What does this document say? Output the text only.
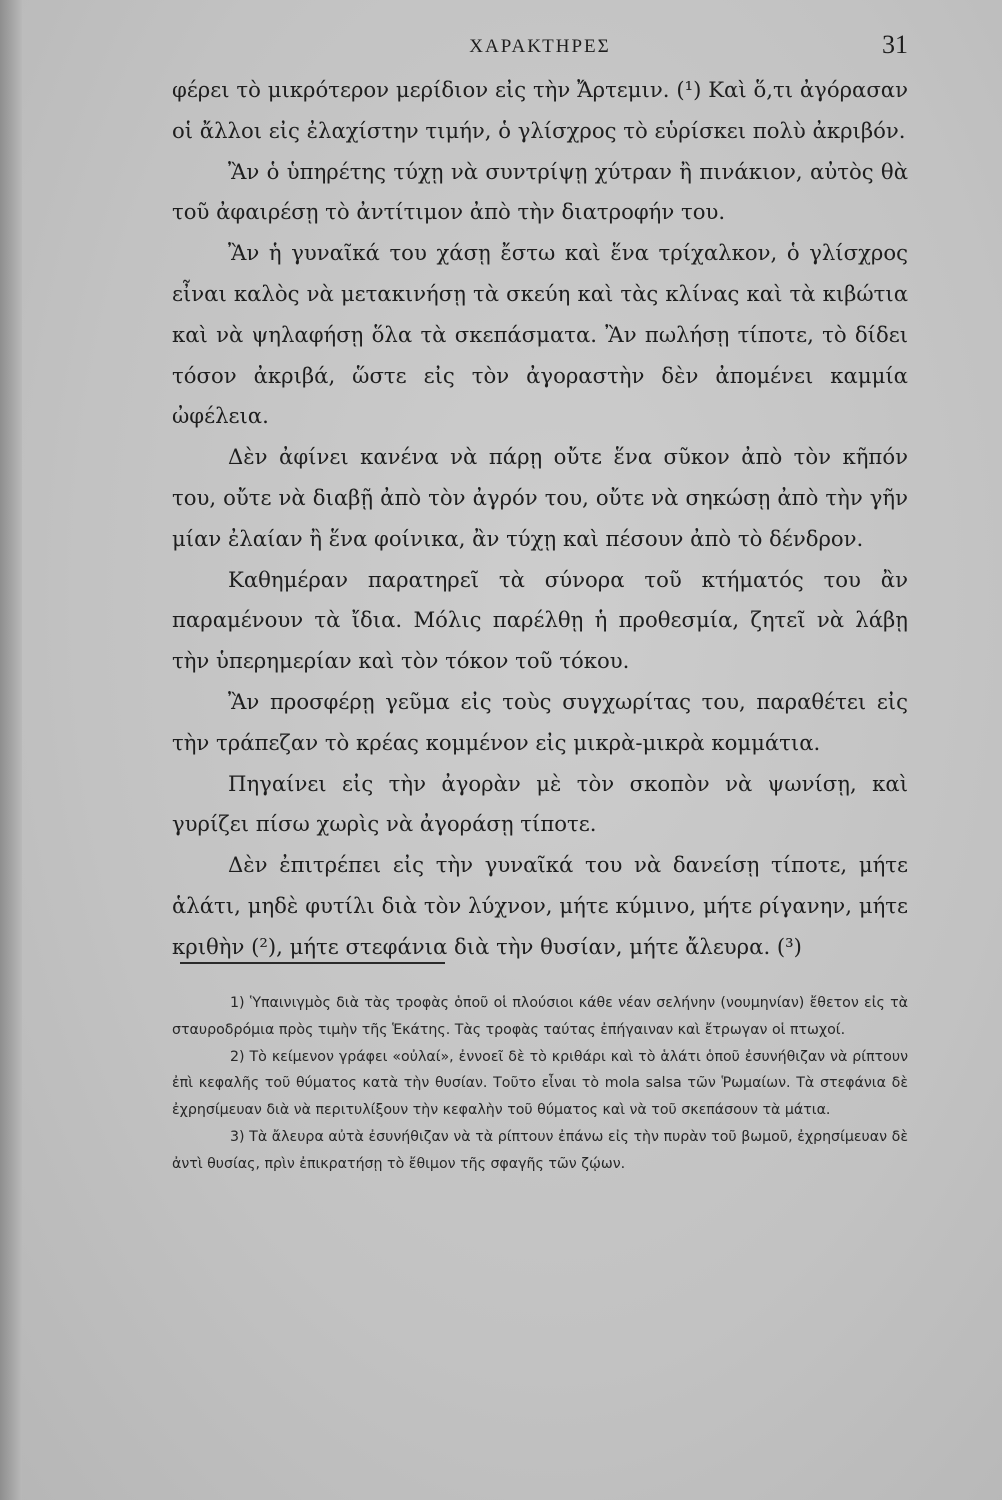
ΧΑΡΑΚΤΗΡΕΣ	31

φέρει τὸ μικρότερον μερίδιον εἰς τὴν Ἄρτεμιν. (¹) Καὶ ὅ,τι ἀγόρασαν οἱ ἄλλοι εἰς ἐλαχίστην τιμήν, ὁ γλίσχρος τὸ εὑρίσκει πολὺ ἀκριβόν.

Ἂν ὁ ὑπηρέτης τύχῃ νὰ συντρίψῃ χύτραν ἢ πινάκιον, αὐτὸς θὰ τοῦ ἀφαιρέσῃ τὸ ἀντίτιμον ἀπὸ τὴν διατροφήν του.

Ἂν ἡ γυναῖκά του χάσῃ ἔστω καὶ ἕνα τρίχαλκον, ὁ γλίσχρος εἶναι καλὸς νὰ μετακινήσῃ τὰ σκεύη καὶ τὰς κλίνας καὶ τὰ κιβώτια καὶ νὰ ψηλαφήσῃ ὅλα τὰ σκεπάσματα. Ἂν πωλήσῃ τίποτε, τὸ δίδει τόσον ἀκριβά, ὥστε εἰς τὸν ἀγοραστὴν δὲν ἀπομένει καμμία ὠφέλεια.

Δὲν ἀφίνει κανένα νὰ πάρῃ οὔτε ἕνα σῦκον ἀπὸ τὸν κῆπόν του, οὔτε νὰ διαβῇ ἀπὸ τὸν ἀγρόν του, οὔτε νὰ σηκώσῃ ἀπὸ τὴν γῆν μίαν ἐλαίαν ἢ ἕνα φοίνικα, ἂν τύχῃ καὶ πέσουν ἀπὸ τὸ δένδρον.

Καθημέραν παρατηρεῖ τὰ σύνορα τοῦ κτήματός του ἂν παραμένουν τὰ ἴδια. Μόλις παρέλθῃ ἡ προθεσμία, ζητεῖ νὰ λάβῃ τὴν ὑπερημερίαν καὶ τὸν τόκον τοῦ τόκου.

Ἂν προσφέρῃ γεῦμα εἰς τοὺς συγχωρίτας του, παραθέτει εἰς τὴν τράπεζαν τὸ κρέας κομμένον εἰς μικρὰ-μικρὰ κομμάτια.

Πηγαίνει εἰς τὴν ἀγορὰν μὲ τὸν σκοπὸν νὰ ψωνίσῃ, καὶ γυρίζει πίσω χωρὶς νὰ ἀγοράσῃ τίποτε.

Δὲν ἐπιτρέπει εἰς τὴν γυναῖκά του νὰ δανείσῃ τίποτε, μήτε ἁλάτι, μηδὲ φυτίλι διὰ τὸν λύχνον, μήτε κύμινο, μήτε ρίγανην, μήτε κριθὴν (²), μήτε στεφάνια διὰ τὴν θυσίαν, μήτε ἄλευρα. (³)

1) Ὑπαινιγμὸς διὰ τὰς τροφὰς ὁποῦ οἱ πλούσιοι κάθε νέαν σελήνην (νουμηνίαν) ἔθετον εἰς τὰ σταυροδρόμια πρὸς τιμὴν τῆς Ἑκάτης. Τὰς τροφὰς ταύτας ἐπήγαιναν καὶ ἔτρωγαν οἱ πτωχοί.

2) Τὸ κείμενον γράφει «οὐλαί», ἐννοεῖ δὲ τὸ κριθάρι καὶ τὸ ἁλάτι ὁποῦ ἐσυνήθιζαν νὰ ρίπτουν ἐπὶ κεφαλῆς τοῦ θύματος κατὰ τὴν θυσίαν. Τοῦτο εἶναι τὸ mola salsa τῶν Ῥωμαίων. Τὰ στεφάνια δὲ ἐχρησίμευαν διὰ νὰ περιτυλίξουν τὴν κεφαλὴν τοῦ θύματος καὶ νὰ τοῦ σκεπάσουν τὰ μάτια.

3) Τὰ ἄλευρα αὐτὰ ἐσυνήθιζαν νὰ τὰ ρίπτουν ἐπάνω εἰς τὴν πυρὰν τοῦ βωμοῦ, ἐχρησίμευαν δὲ ἀντὶ θυσίας, πρὶν ἐπικρατήσῃ τὸ ἔθιμον τῆς σφαγῆς τῶν ζῴων.
